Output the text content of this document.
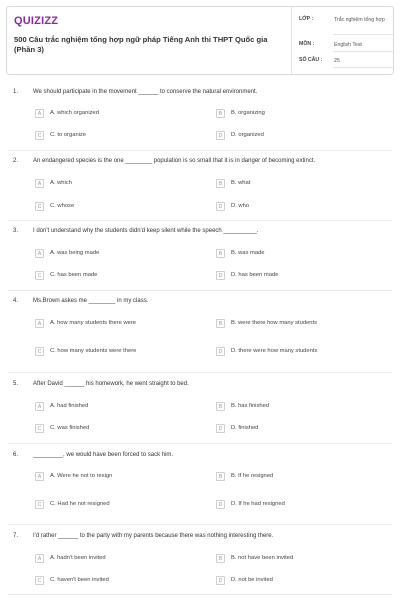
QUIZIZZ
500 Câu trắc nghiệm tổng hợp ngữ pháp Tiếng Anh thi THPT Quốc gia (Phần 3)
LỚP :	Trắc nghiệm tổng hợp
MÔN :	English Test
SỐ CÂU :	25
1. We should participate in the movement ______ to conserve the natural environment.
A	A. which organized	B	B. organizing
C	C. to organize	D	D. organized
2. An endangered species is the one ________ population is so small that it is in danger of becoming extinct.
A	A. which	B	B. what
C	C. whose	D	D. who
3. I don't understand why the students didn'd keep silent while the speech __________.
A	A. was being made	B	B. was made
C	C. has been made	D	D. has been made
4. Ms.Brown askes me ________ in my class.
A	A. how many students there were	B	B. were there how many students
C	C. how many students were there	D	D. there were how many students
5. After David ______ his homework, he went straight to bed.
A	A. had finished	B	B. has finished
C	C. was finished	D	D. finished
6. _________, we would have been forced to sack him.
A	A. Were he not to resign	B	B. If he resigned
C	C. Had he not resigned	D	D. If he had resigned
7. I'd rather ______ to the party with my parents because there was nothing interesting there.
A	A. hadn't been invited	B	B. not have been invited
C	C. haven't been invited	D	D. not be invited
